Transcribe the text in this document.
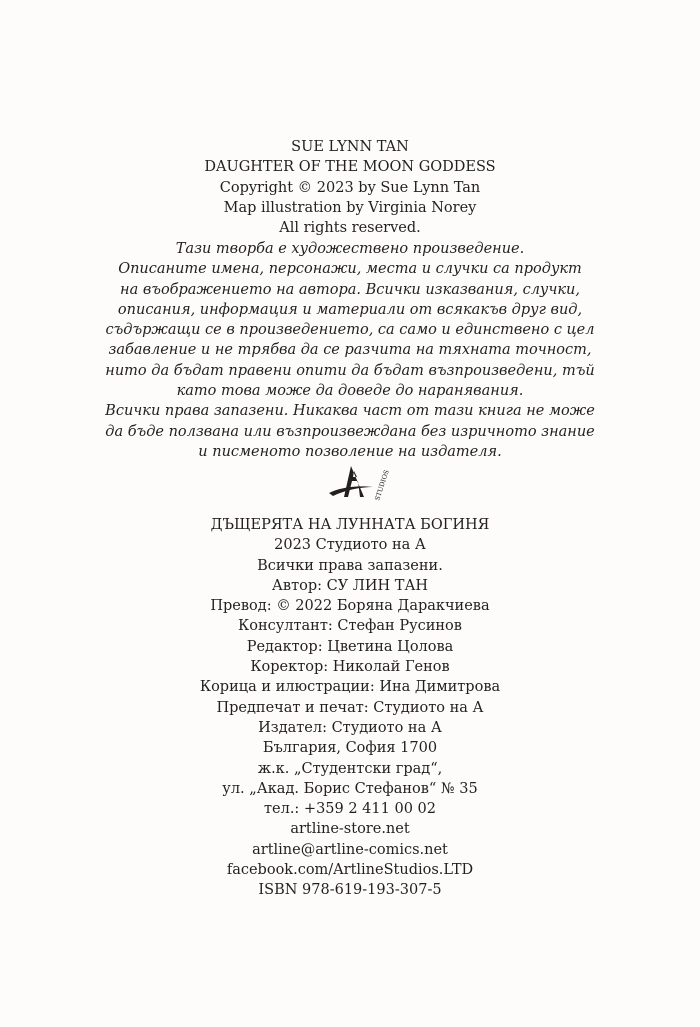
SUE LYNN TAN
DAUGHTER OF THE MOON GODDESS
Copyright © 2023 by Sue Lynn Tan
Map illustration by Virginia Norey
All rights reserved.
Тази творба е художествено произведение.
Описаните имена, персонажи, места и случки са продукт
на въображението на автора. Всички изказвания, случки,
описания, информация и материали от всякакъв друг вид,
съдържащи се в произведението, са само и единствено с цел
забавление и не трябва да се разчита на тяхната точност,
нито да бъдат правени опити да бъдат възпроизведени, тъй
като това може да доведе до наранявания.
Всички права запазени. Никаква част от тази книга не може
да бъде ползвана или възпроизвеждана без изричното знание
и писменото позволение на издателя.
STUDIOS
ДЪЩЕРЯТА НА ЛУННАТА БОГИНЯ
2023 Студиото на А
Всички права запазени.
Автор: СУ ЛИН ТАН
Превод: © 2022 Боряна Даракчиева
Консултант: Стефан Русинов
Редактор: Цветина Цолова
Коректор: Николай Генов
Корица и илюстрации: Ина Димитрова
Предпечат и печат: Студиото на А
Издател: Студиото на А
България, София 1700
ж.к. „Студентски град“,
ул. „Акад. Борис Стефанов“ № 35
тел.: +359 2 411 00 02
artline-store.net
artline@artline-comics.net
facebook.com/ArtlineStudios.LTD
ISBN 978-619-193-307-5
